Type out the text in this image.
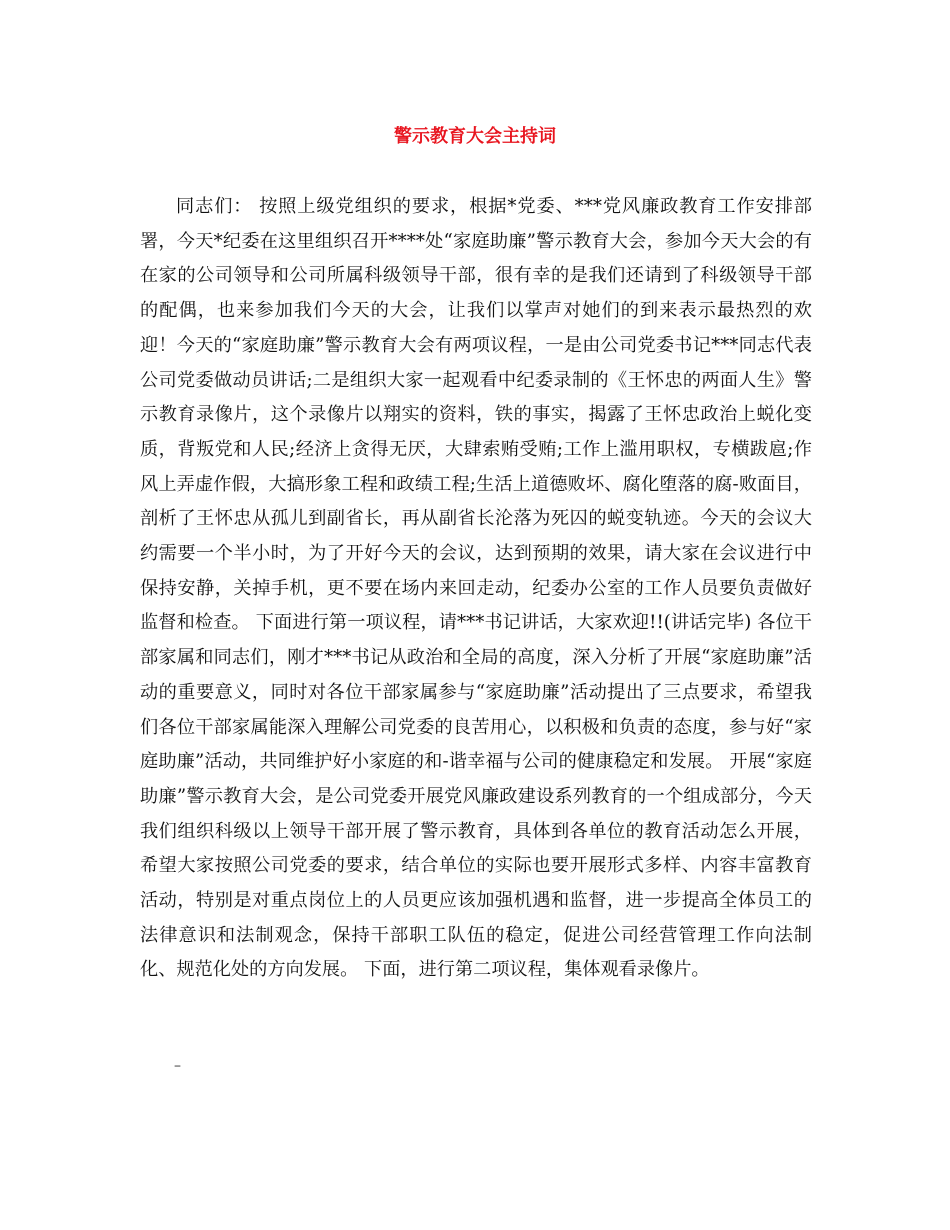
警示教育大会主持词

同志们： 按照上级党组织的要求，根据*党委、***党风廉政教育工作安排部署，今天*纪委在这里组织召开****处“家庭助廉”警示教育大会，参加今天大会的有在家的公司领导和公司所属科级领导干部，很有幸的是我们还请到了科级领导干部的配偶，也来参加我们今天的大会，让我们以掌声对她们的到来表示最热烈的欢迎！今天的“家庭助廉”警示教育大会有两项议程，一是由公司党委书记***同志代表公司党委做动员讲话;二是组织大家一起观看中纪委录制的《王怀忠的两面人生》警示教育录像片，这个录像片以翔实的资料，铁的事实，揭露了王怀忠政治上蜕化变质，背叛党和人民;经济上贪得无厌，大肆索贿受贿;工作上滥用职权，专横跋扈;作风上弄虚作假，大搞形象工程和政绩工程;生活上道德败坏、腐化堕落的腐-败面目，剖析了王怀忠从孤儿到副省长，再从副省长沦落为死囚的蜕变轨迹。今天的会议大约需要一个半小时，为了开好今天的会议，达到预期的效果，请大家在会议进行中保持安静，关掉手机，更不要在场内来回走动，纪委办公室的工作人员要负责做好监督和检查。 下面进行第一项议程，请***书记讲话，大家欢迎!!(讲话完毕) 各位干部家属和同志们，刚才***书记从政治和全局的高度，深入分析了开展“家庭助廉”活动的重要意义，同时对各位干部家属参与“家庭助廉”活动提出了三点要求，希望我们各位干部家属能深入理解公司党委的良苦用心，以积极和负责的态度，参与好“家庭助廉”活动，共同维护好小家庭的和-谐幸福与公司的健康稳定和发展。 开展“家庭助廉”警示教育大会，是公司党委开展党风廉政建设系列教育的一个组成部分，今天我们组织科级以上领导干部开展了警示教育，具体到各单位的教育活动怎么开展，希望大家按照公司党委的要求，结合单位的实际也要开展形式多样、内容丰富教育活动，特别是对重点岗位上的人员更应该加强机遇和监督，进一步提高全体员工的法律意识和法制观念，保持干部职工队伍的稳定，促进公司经营管理工作向法制化、规范化处的方向发展。 下面，进行第二项议程，集体观看录像片。

–
